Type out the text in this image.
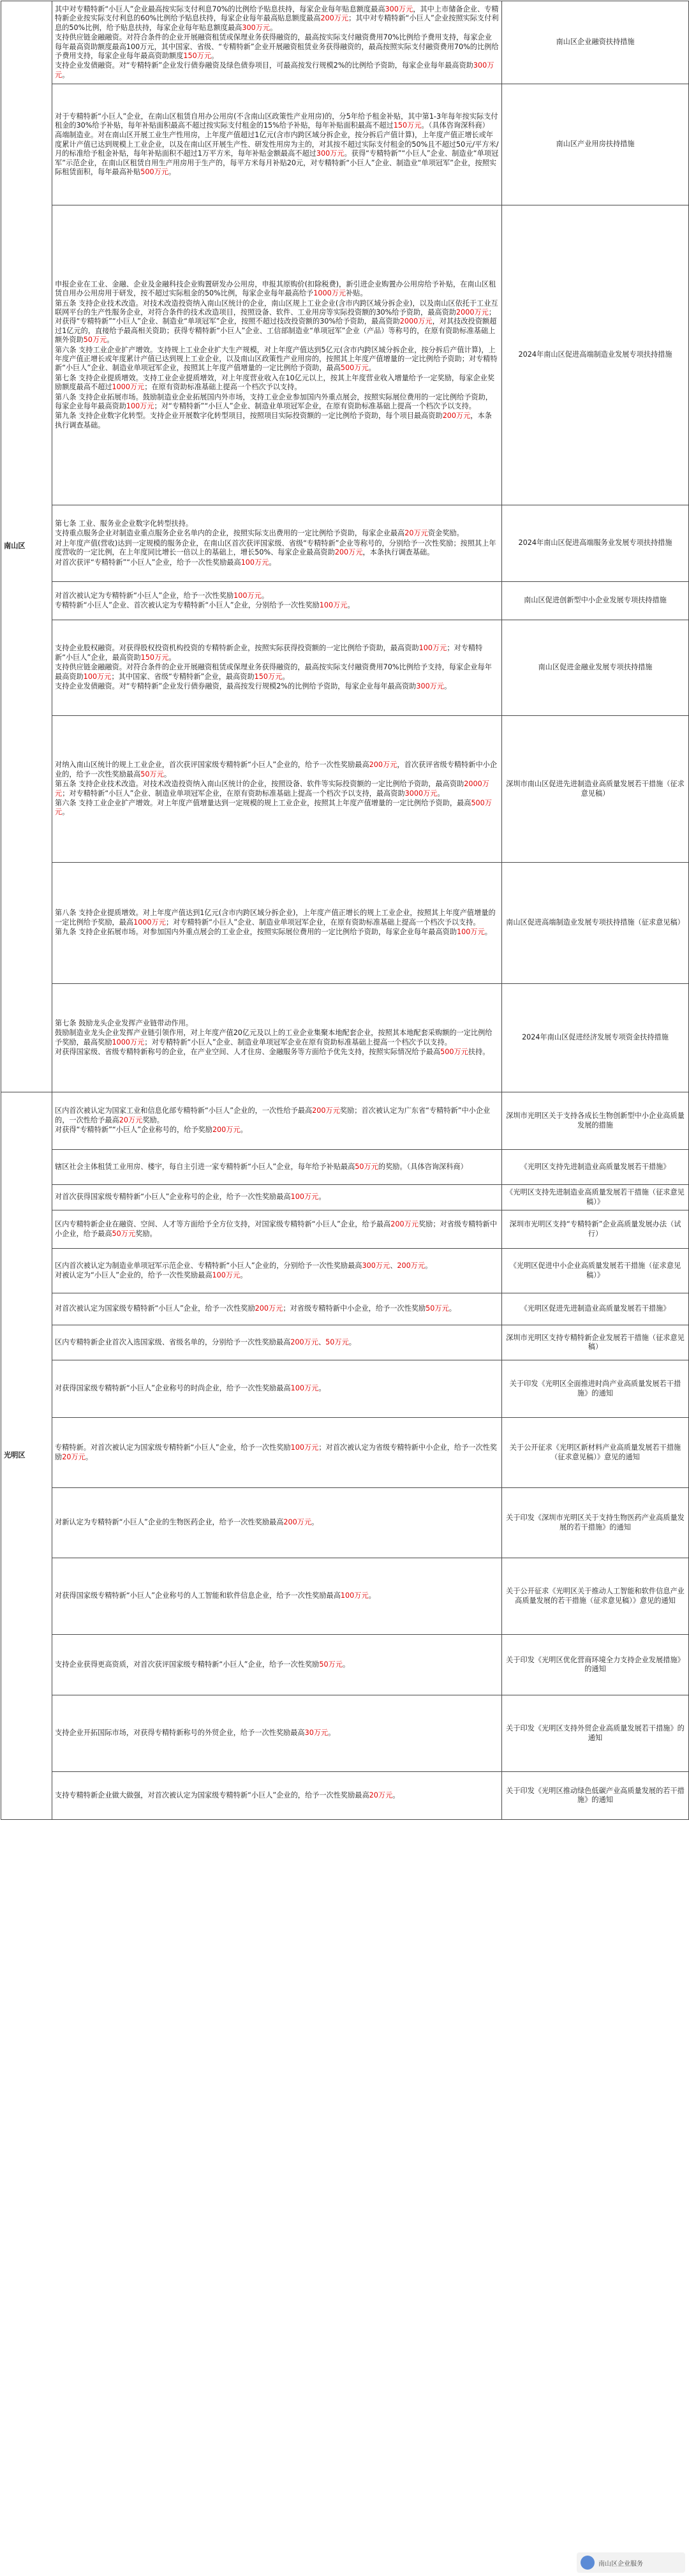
南山区	

其中对专精特新“小巨人”企业最高按实际支付利息70%的比例给予贴息扶持，每家企业每年贴息额度最高300万元，其中上市储备企业、专精特新企业按实际支付利息的60%比例给予贴息扶持，每家企业每年最高贴息额度最高200万元；其中对专精特新“小巨人”企业按照实际支付利息的50%比例，给予贴息扶持，每家企业每年贴息额度最高300万元。

支持供应链金融融资。对符合条件的企业开展融资租赁或保理业务获得融资的，最高按实际支付融资费用70%比例给予费用支持，每家企业每年最高资助额度最高100万元，其中国家、省级、“专精特新”企业开展融资租赁业务获得融资的，最高按照实际支付融资费用70%的比例给予费用支持，每家企业每年最高资助额度150万元。

支持企业发债融资。对“专精特新”企业发行债券融资及绿色债券项目，可最高按发行规模2%的比例给予资助，每家企业每年最高资助300万元。

	南山区企业融资扶持措施

对于专精特新“小巨人”企业，在南山区租赁自用办公用房(不含南山区政策性产业用房)的，分5年给予租金补贴，其中第1-3年每年按实际支付租金的30%给予补贴，每年补贴面积最高不超过按实际支付租金的15%给予补贴，每年补贴面积最高不超过150万元。（具体咨询深科商）

高端制造业。对在南山区开展工业生产性用房，上年度产值超过1亿元(含市内跨区域分拆企业，按分拆后产值计算)，上年度产值正增长或年度累计产值已达到规模上工业企业，以及在南山区开展生产性、研发性用房为主的，对其按不超过实际支付租金的50%且不超过50元/平方米/月的标准给予租金补贴，每年补贴面积不超过1万平方米，每年补贴金额最高不超过300万元。获得“专精特新”“小巨人”企业、制造业“单项冠军”示范企业，在南山区租赁自用生产用房用于生产的，每平方米每月补贴20元，对专精特新“小巨人”企业、制造业“单项冠军”企业，按照实际租赁面积，每年最高补贴500万元。

	南山区产业用房扶持措施

申报企业在工业、金融、企业及金融科技企业购置研发办公用房，申报其原购价(扣除税费)，新引进企业购置办公用房给予补贴，在南山区租赁自用办公用房用于研发，按不超过实际租金的50%比例，每家企业每年最高给予1000万元补贴。

第五条 支持企业技术改造。对技术改造投资纳入南山区统计的企业，南山区规上工业企业(含市内跨区域分拆企业)，以及南山区依托于工业互联网平台的生产性服务企业，对符合条件的技术改造项目，按照设备、软件、工业用房等实际投资额的30%给予资助，最高资助2000万元；对获得“专精特新”“小巨人”企业、制造业“单项冠军”企业，按照不超过技改投资额的30%给予资助，最高资助2000万元，对其技改投资额超过1亿元的，直接给予最高相关资助；获得专精特新“小巨人”企业、工信部制造业“单项冠军”企业（产品）等称号的，在原有资助标准基础上额外资助50万元。

第六条 支持工业企业扩产增效。支持规上工业企业扩大生产规模，对上年度产值达到5亿元(含市内跨区域分拆企业，按分拆后产值计算)，上年度产值正增长或年度累计产值已达到规上工业企业，以及南山区政策性产业用房的，按照其上年度产值增量的一定比例给予资助；对专精特新“小巨人”企业、制造业单项冠军企业，按照其上年度产值增量的一定比例给予资助，最高500万元。

第七条 支持企业提质增效。支持工业企业提质增效，对上年度营业收入在10亿元以上，按其上年度营业收入增量给予一定奖励，每家企业奖励额度最高不超过1000万元；在原有资助标准基础上提高一个档次予以支持。

第八条 支持企业拓展市场。鼓励制造业企业拓展国内外市场，支持工业企业参加国内外重点展会，按照实际展位费用的一定比例给予资助，每家企业每年最高资助100万元；对“专精特新”“小巨人”企业、制造业单项冠军企业，在原有资助标准基础上提高一个档次予以支持。

第九条 支持企业数字化转型。支持企业开展数字化转型项目，按照项目实际投资额的一定比例给予资助，每个项目最高资助200万元，本条执行调查基础。

	2024年南山区促进高端制造业发展专项扶持措施

第七条 工业、服务业企业数字化转型扶持。

支持重点服务企业对制造业重点服务企业名单内的企业，按照实际支出费用的一定比例给予资助，每家企业最高20万元资金奖励。

对上年度产值(营收)达到一定规模的服务企业，在南山区首次获评国家级、省级“专精特新”企业等称号的，分别给予一次性奖励；按照其上年度营收的一定比例，在上年度同比增长一倍以上的基础上，增长50%、每家企业最高资助200万元，本条执行调查基础。

对首次获评“专精特新”“小巨人”企业，给予一次性奖励最高100万元。

	2024年南山区促进高端服务业发展专项扶持措施

对首次被认定为专精特新“小巨人”企业，给予一次性奖励100万元。

专精特新“小巨人”企业、首次被认定为专精特新“小巨人”企业，分别给予一次性奖励100万元。

	南山区促进创新型中小企业发展专项扶持措施

支持企业股权融资。对获得股权投资机构投资的专精特新企业，按照实际获得投资额的一定比例给予资助，最高资助100万元；对专精特新“小巨人”企业，最高资助150万元。

支持供应链金融融资。对符合条件的企业开展融资租赁或保理业务获得融资的，最高按实际支付融资费用70%比例给予支持，每家企业每年最高资助100万元；其中国家、省级“专精特新”企业，最高资助150万元。

支持企业发债融资。对“专精特新”企业发行债券融资，最高按发行规模2%的比例给予资助，每家企业每年最高资助300万元。

	南山区促进金融业发展专项扶持措施

对纳入南山区统计的规上工业企业，首次获评国家级专精特新“小巨人”企业的，给予一次性奖励最高200万元，首次获评省级专精特新中小企业的，给予一次性奖励最高50万元。

第五条 支持企业技术改造。对技术改造投资纳入南山区统计的企业，按照设备、软件等实际投资额的一定比例给予资助，最高资助2000万元；对专精特新“小巨人”企业、制造业单项冠军企业，在原有资助标准基础上提高一个档次予以支持，最高资助3000万元。

第六条 支持工业企业扩产增效。对上年度产值增量达到一定规模的规上工业企业，按照其上年度产值增量的一定比例给予资助，最高500万元。

	深圳市南山区促进先进制造业高质量发展若干措施（征求意见稿）

第八条 支持企业提质增效。对上年度产值达到1亿元(含市内跨区域分拆企业)，上年度产值正增长的规上工业企业，按照其上年度产值增量的一定比例给予奖励，最高1000万元；对专精特新“小巨人”企业、制造业单项冠军企业，在原有资助标准基础上提高一个档次予以支持。

第九条 支持企业拓展市场。对参加国内外重点展会的工业企业，按照实际展位费用的一定比例给予资助，每家企业每年最高资助100万元。

	南山区促进高端制造业发展专项扶持措施（征求意见稿）

第七条 鼓励龙头企业发挥产业链带动作用。

鼓励制造业龙头企业发挥产业链引领作用，对上年度产值20亿元及以上的工业企业集聚本地配套企业，按照其本地配套采购额的一定比例给予奖励，最高奖励1000万元；对专精特新“小巨人”企业、制造业单项冠军企业在原有资助标准基础上提高一个档次予以支持。

对获得国家级、省级专精特新称号的企业，在产业空间、人才住房、金融服务等方面给予优先支持，按照实际情况给予最高500万元扶持。

	2024年南山区促进经济发展专项资金扶持措施
光明区	

区内首次被认定为国家工业和信息化部专精特新“小巨人”企业的，一次性给予最高200万元奖励；首次被认定为广东省“专精特新”中小企业的，一次性给予最高20万元奖励。

对获得“专精特新”“小巨人”企业称号的，给予奖励200万元。

	深圳市光明区关于支持各成长生物创新型中小企业高质量发展的措施

辖区社会主体租赁工业用房、楼宇，每自主引进一家专精特新“小巨人”企业，每年给予补贴最高50万元的奖励。（具体咨询深科商）	《光明区支持先进制造业高质量发展若干措施》

对首次获得国家级专精特新“小巨人”企业称号的企业，给予一次性奖励最高100万元。

	《光明区支持先进制造业高质量发展若干措施（征求意见稿）》

区内专精特新企业在融资、空间、人才等方面给予全方位支持，对国家级专精特新“小巨人”企业，给予最高200万元奖励；对省级专精特新中小企业，给予最高50万元奖励。

	深圳市光明区支持“专精特新”企业高质量发展办法（试行）

区内首次被认定为制造业单项冠军示范企业、专精特新“小巨人”企业的，分别给予一次性奖励最高300万元、200万元。

对被认定为“小巨人”企业的，给予一次性奖励最高100万元。

	《光明区促进中小企业高质量发展若干措施（征求意见稿）》

对首次被认定为国家级专精特新“小巨人”企业，给予一次性奖励200万元；对省级专精特新中小企业，给予一次性奖励50万元。	《光明区促进先进制造业高质量发展若干措施》

区内专精特新企业首次入选国家级、省级名单的，分别给予一次性奖励最高200万元、50万元。

	深圳市光明区支持专精特新企业发展若干措施（征求意见稿）

对获得国家级专精特新“小巨人”企业称号的时尚企业，给予一次性奖励最高100万元。

	关于印发《光明区全面推进时尚产业高质量发展若干措施》的通知

专精特新。对首次被认定为国家级专精特新“小巨人”企业，给予一次性奖励100万元；对首次被认定为省级专精特新中小企业，给予一次性奖励20万元。

	关于公开征求《光明区新材料产业高质量发展若干措施（征求意见稿）》意见的通知

对新认定为专精特新“小巨人”企业的生物医药企业，给予一次性奖励最高200万元。

	关于印发《深圳市光明区关于支持生物医药产业高质量发展的若干措施》的通知

对获得国家级专精特新“小巨人”企业称号的人工智能和软件信息企业，给予一次性奖励最高100万元。

	关于公开征求《光明区关于推动人工智能和软件信息产业高质量发展的若干措施（征求意见稿）》意见的通知

支持企业获得更高资质，对首次获评国家级专精特新“小巨人”企业，给予一次性奖励50万元。

	关于印发《光明区优化营商环境全力支持企业发展措施》的通知

支持企业开拓国际市场，对获得专精特新称号的外贸企业，给予一次性奖励最高30万元。

	关于印发《光明区支持外贸企业高质量发展若干措施》的通知

支持专精特新企业做大做强，对首次被认定为国家级专精特新“小巨人”企业的，给予一次性奖励最高20万元。

	关于印发《光明区推动绿色低碳产业高质量发展的若干措施》的通知
南山区企业服务
